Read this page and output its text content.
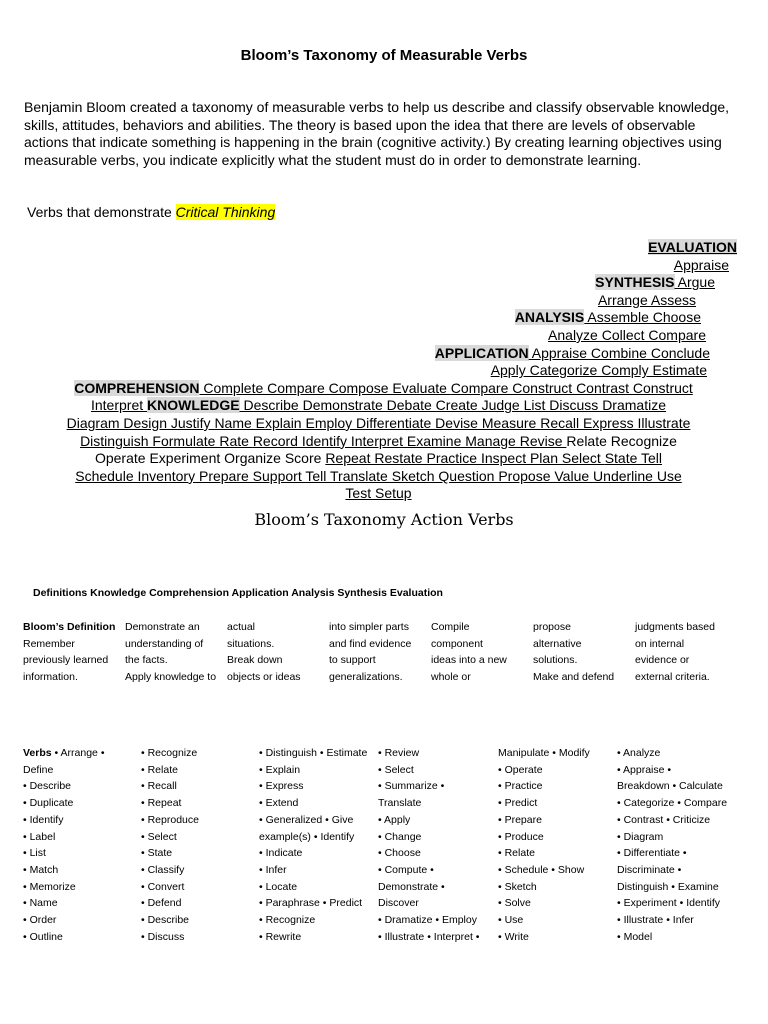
Bloom’s Taxonomy of Measurable Verbs
Benjamin Bloom created a taxonomy of measurable verbs to help us describe and classify observable knowledge, skills, attitudes, behaviors and abilities. The theory is based upon the idea that there are levels of observable actions that indicate something is happening in the brain (cognitive activity.) By creating learning objectives using measurable verbs, you indicate explicitly what the student must do in order to demonstrate learning.
Verbs that demonstrate Critical Thinking
EVALUATION
Appraise
SYNTHESIS Argue
Arrange Assess
ANALYSIS Assemble Choose
Analyze Collect Compare
APPLICATION Appraise Combine Conclude
Apply Categorize Comply Estimate
COMPREHENSION Complete Compare Compose Evaluate Compare Construct Contrast Construct
Interpret KNOWLEDGE Describe Demonstrate Debate Create Judge List Discuss Dramatize
Diagram Design Justify Name Explain Employ Differentiate Devise Measure Recall Express Illustrate
Distinguish Formulate Rate Record Identify Interpret Examine Manage Revise Relate Recognize
Operate Experiment Organize Score Repeat Restate Practice Inspect Plan Select State Tell
Schedule Inventory Prepare Support Tell Translate Sketch Question Propose Value Underline Use
Test Setup
Bloom’s Taxonomy Action Verbs
Definitions Knowledge Comprehension Application Analysis Synthesis Evaluation
Bloom’s Definition
Remember
previously learned
information.
Demonstrate an
understanding of
the facts.
Apply knowledge to
actual
situations.
Break down
objects or ideas
into simpler parts
and find evidence
to support
generalizations.
Compile
component
ideas into a new
whole or
propose
alternative
solutions.
Make and defend
judgments based
on internal
evidence or
external criteria.
Verbs • Arrange •
Define
• Describe
• Duplicate
• Identify
• Label
• List
• Match
• Memorize
• Name
• Order
• Outline
• Recognize
• Relate
• Recall
• Repeat
• Reproduce
• Select
• State
• Classify
• Convert
• Defend
• Describe
• Discuss
• Distinguish • Estimate
• Explain
• Express
• Extend
• Generalized • Give
example(s) • Identify
• Indicate
• Infer
• Locate
• Paraphrase • Predict
• Recognize
• Rewrite
• Review
• Select
• Summarize •
Translate
• Apply
• Change
• Choose
• Compute •
Demonstrate •
Discover
• Dramatize • Employ
• Illustrate • Interpret •
Manipulate • Modify
• Operate
• Practice
• Predict
• Prepare
• Produce
• Relate
• Schedule • Show
• Sketch
• Solve
• Use
• Write
• Analyze
• Appraise •
Breakdown • Calculate
• Categorize • Compare
• Contrast • Criticize
• Diagram
• Differentiate •
Discriminate •
Distinguish • Examine
• Experiment • Identify
• Illustrate • Infer
• Model
